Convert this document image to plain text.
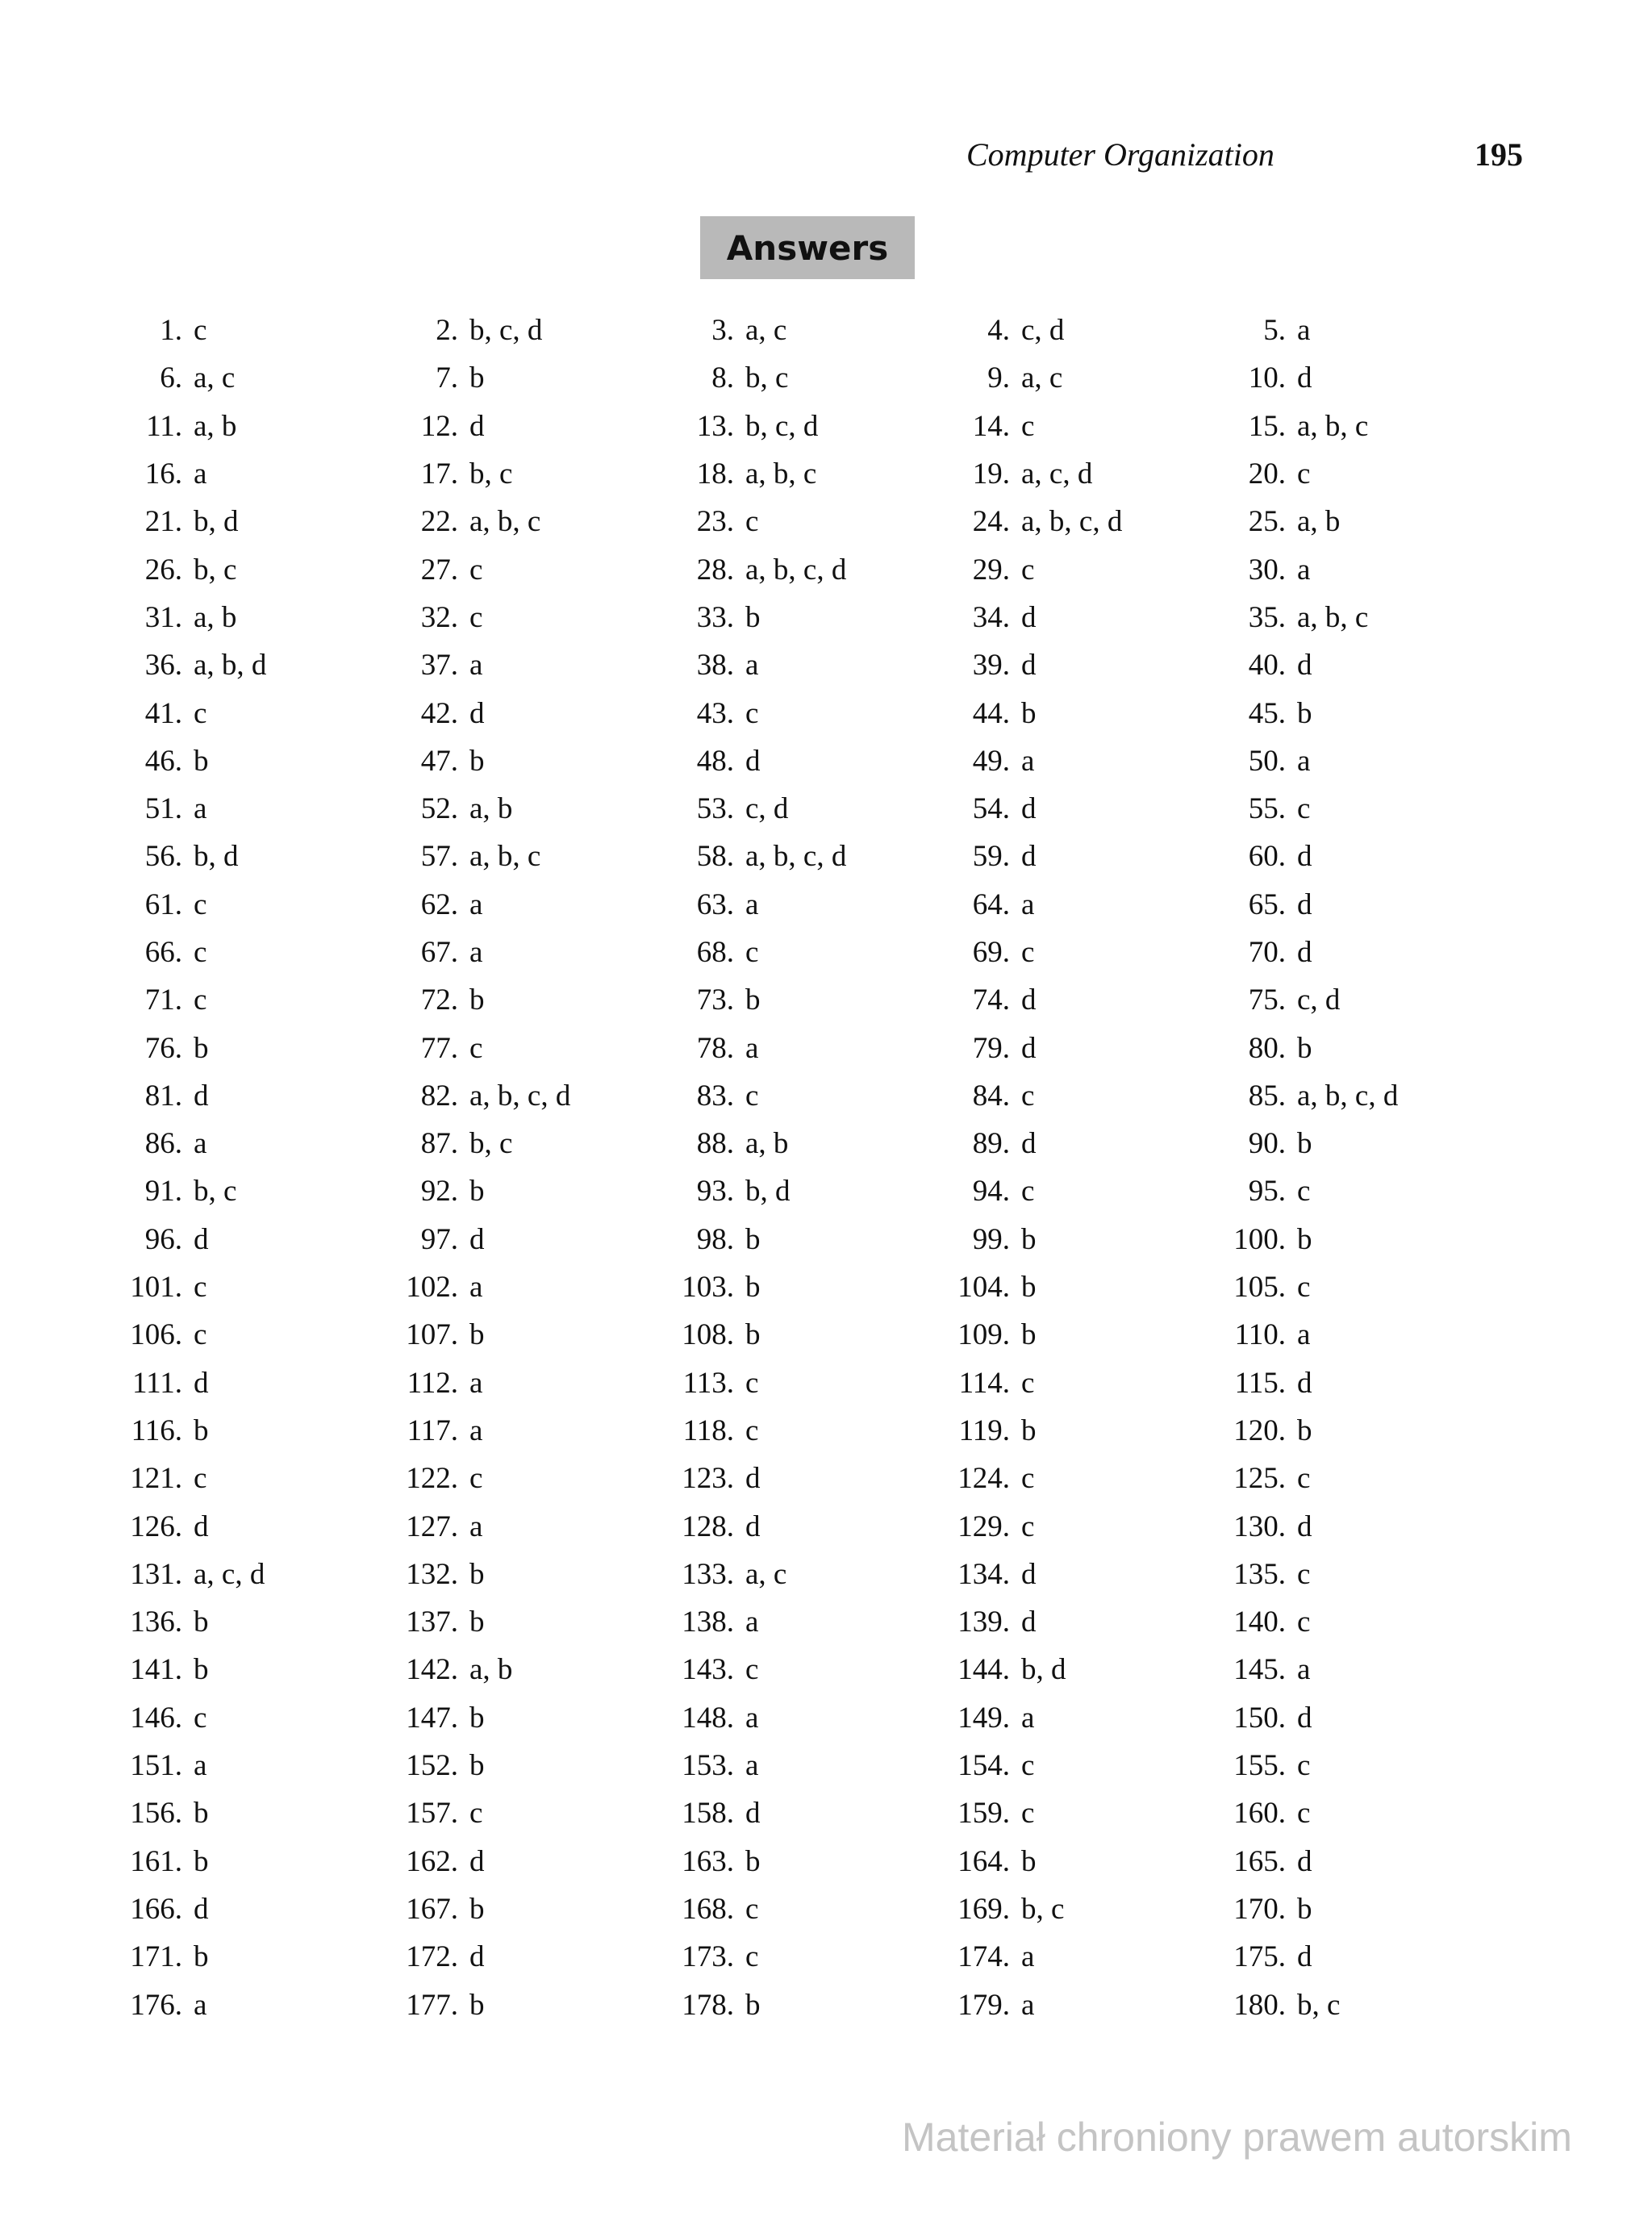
Computer Organization	195
Answers
1. c	2. b, c, d	3. a, c	4. c, d	5. a
6. a, c	7. b	8. b, c	9. a, c	10. d
11. a, b	12. d	13. b, c, d	14. c	15. a, b, c
16. a	17. b, c	18. a, b, c	19. a, c, d	20. c
21. b, d	22. a, b, c	23. c	24. a, b, c, d	25. a, b
26. b, c	27. c	28. a, b, c, d	29. c	30. a
31. a, b	32. c	33. b	34. d	35. a, b, c
36. a, b, d	37. a	38. a	39. d	40. d
41. c	42. d	43. c	44. b	45. b
46. b	47. b	48. d	49. a	50. a
51. a	52. a, b	53. c, d	54. d	55. c
56. b, d	57. a, b, c	58. a, b, c, d	59. d	60. d
61. c	62. a	63. a	64. a	65. d
66. c	67. a	68. c	69. c	70. d
71. c	72. b	73. b	74. d	75. c, d
76. b	77. c	78. a	79. d	80. b
81. d	82. a, b, c, d	83. c	84. c	85. a, b, c, d
86. a	87. b, c	88. a, b	89. d	90. b
91. b, c	92. b	93. b, d	94. c	95. c
96. d	97. d	98. b	99. b	100. b
101. c	102. a	103. b	104. b	105. c
106. c	107. b	108. b	109. b	110. a
111. d	112. a	113. c	114. c	115. d
116. b	117. a	118. c	119. b	120. b
121. c	122. c	123. d	124. c	125. c
126. d	127. a	128. d	129. c	130. d
131. a, c, d	132. b	133. a, c	134. d	135. c
136. b	137. b	138. a	139. d	140. c
141. b	142. a, b	143. c	144. b, d	145. a
146. c	147. b	148. a	149. a	150. d
151. a	152. b	153. a	154. c	155. c
156. b	157. c	158. d	159. c	160. c
161. b	162. d	163. b	164. b	165. d
166. d	167. b	168. c	169. b, c	170. b
171. b	172. d	173. c	174. a	175. d
176. a	177. b	178. b	179. a	180. b, c
Materiał chroniony prawem autorskim
